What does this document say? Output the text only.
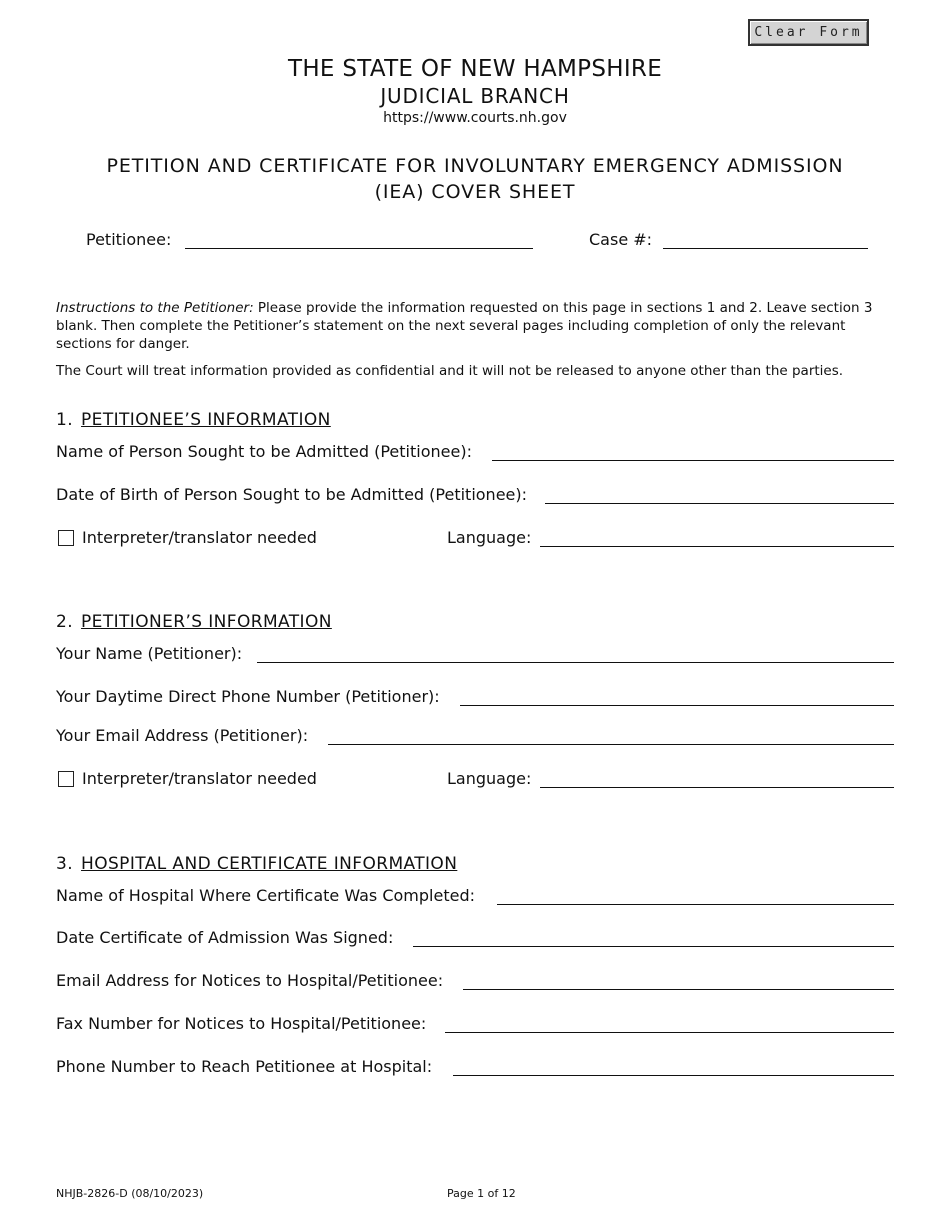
Clear Form
THE STATE OF NEW HAMPSHIRE
JUDICIAL BRANCH
https://www.courts.nh.gov
PETITION AND CERTIFICATE FOR INVOLUNTARY EMERGENCY ADMISSION
(IEA) COVER SHEET
Petitionee:	Case #:
Instructions to the Petitioner: Please provide the information requested on this page in sections 1 and 2. Leave section 3 blank. Then complete the Petitioner’s statement on the next several pages including completion of only the relevant sections for danger.
The Court will treat information provided as confidential and it will not be released to anyone other than the parties.
1. PETITIONEE’S INFORMATION
Name of Person Sought to be Admitted (Petitionee):
Date of Birth of Person Sought to be Admitted (Petitionee):
Interpreter/translator needed	Language:
2. PETITIONER’S INFORMATION
Your Name (Petitioner):
Your Daytime Direct Phone Number (Petitioner):
Your Email Address (Petitioner):
Interpreter/translator needed	Language:
3. HOSPITAL AND CERTIFICATE INFORMATION
Name of Hospital Where Certificate Was Completed:
Date Certificate of Admission Was Signed:
Email Address for Notices to Hospital/Petitionee:
Fax Number for Notices to Hospital/Petitionee:
Phone Number to Reach Petitionee at Hospital:
NHJB-2826-D (08/10/2023)	Page 1 of 12
